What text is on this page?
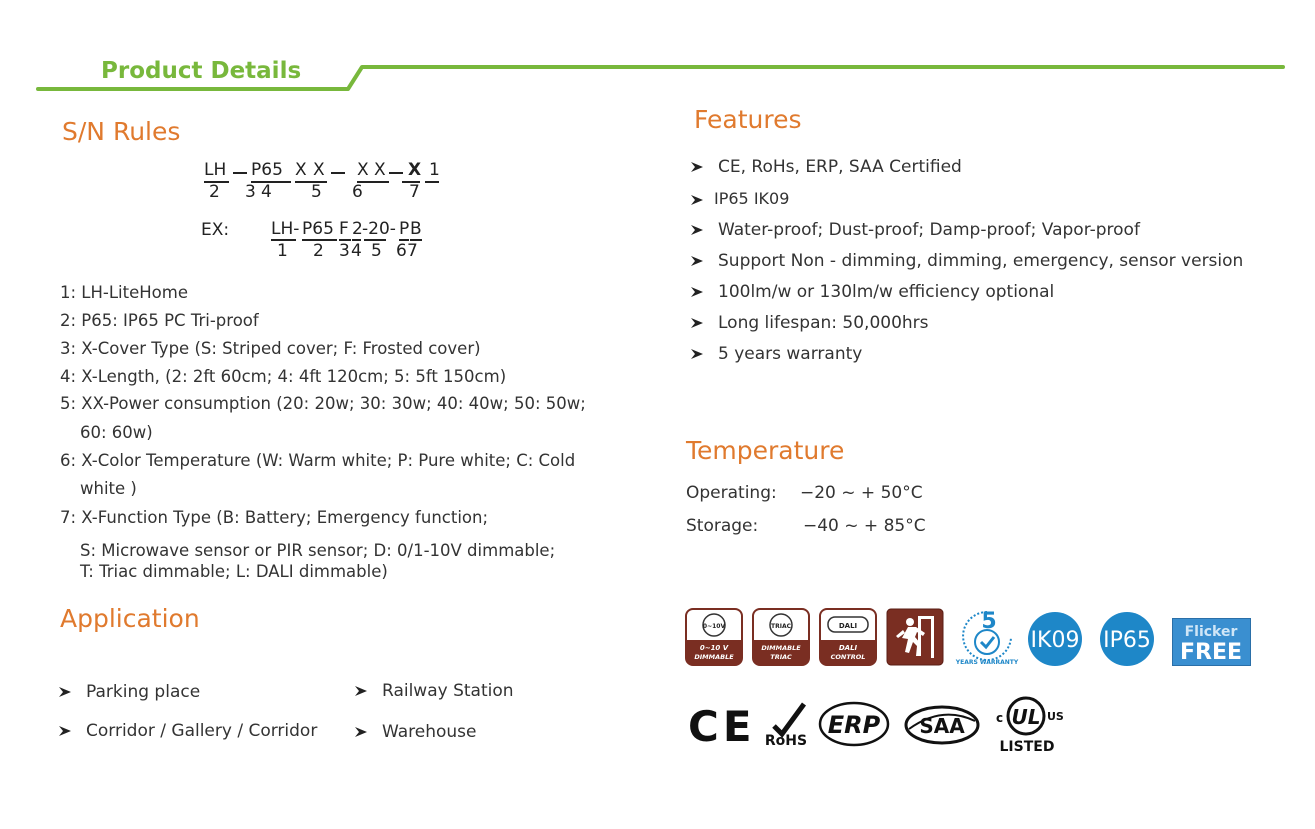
Product Details
S/N Rules
LH P65 X X X X X 1
2 3 4 5 6	7
EX: LH- P65 F 2 -20- P B
1 2 3 4 5 6 7
1: LH-LiteHome
2: P65: IP65 PC Tri-proof
3: X-Cover Type (S: Striped cover; F: Frosted cover)
4: X-Length, (2: 2ft 60cm; 4: 4ft 120cm; 5: 5ft 150cm)
5: XX-Power consumption (20: 20w; 30: 30w; 40: 40w; 50: 50w;
60: 60w)
6: X-Color Temperature (W: Warm white; P: Pure white; C: Cold
white )
7: X-Function Type (B: Battery; Emergency function;
S: Microwave sensor or PIR sensor; D: 0/1-10V dimmable;
T: Triac dimmable; L: DALI dimmable)
Application
Parking place	Railway Station
Corridor / Gallery / Corridor	Warehouse
Features
CE, RoHs, ERP, SAA Certified
IP65 IK09
Water-proof; Dust-proof; Damp-proof; Vapor-proof
Support Non - dimming, dimming, emergency, sensor version
100lm/w or 130lm/w efficiency optional
Long lifespan: 50,000hrs
5 years warranty
Temperature
Operating: −20 ~ + 50°C
Storage:	−40 ~ + 85°C
0~10V
0~10 V
DIMMABLE
TRIAC
DIMMABLE
TRIAC
DALI
DALI
CONTROL
5
YEARS WARRANTY
IK09 IP65 Flicker
FREE
CE RoHS
ERP SAA UL
c	US
LISTED
